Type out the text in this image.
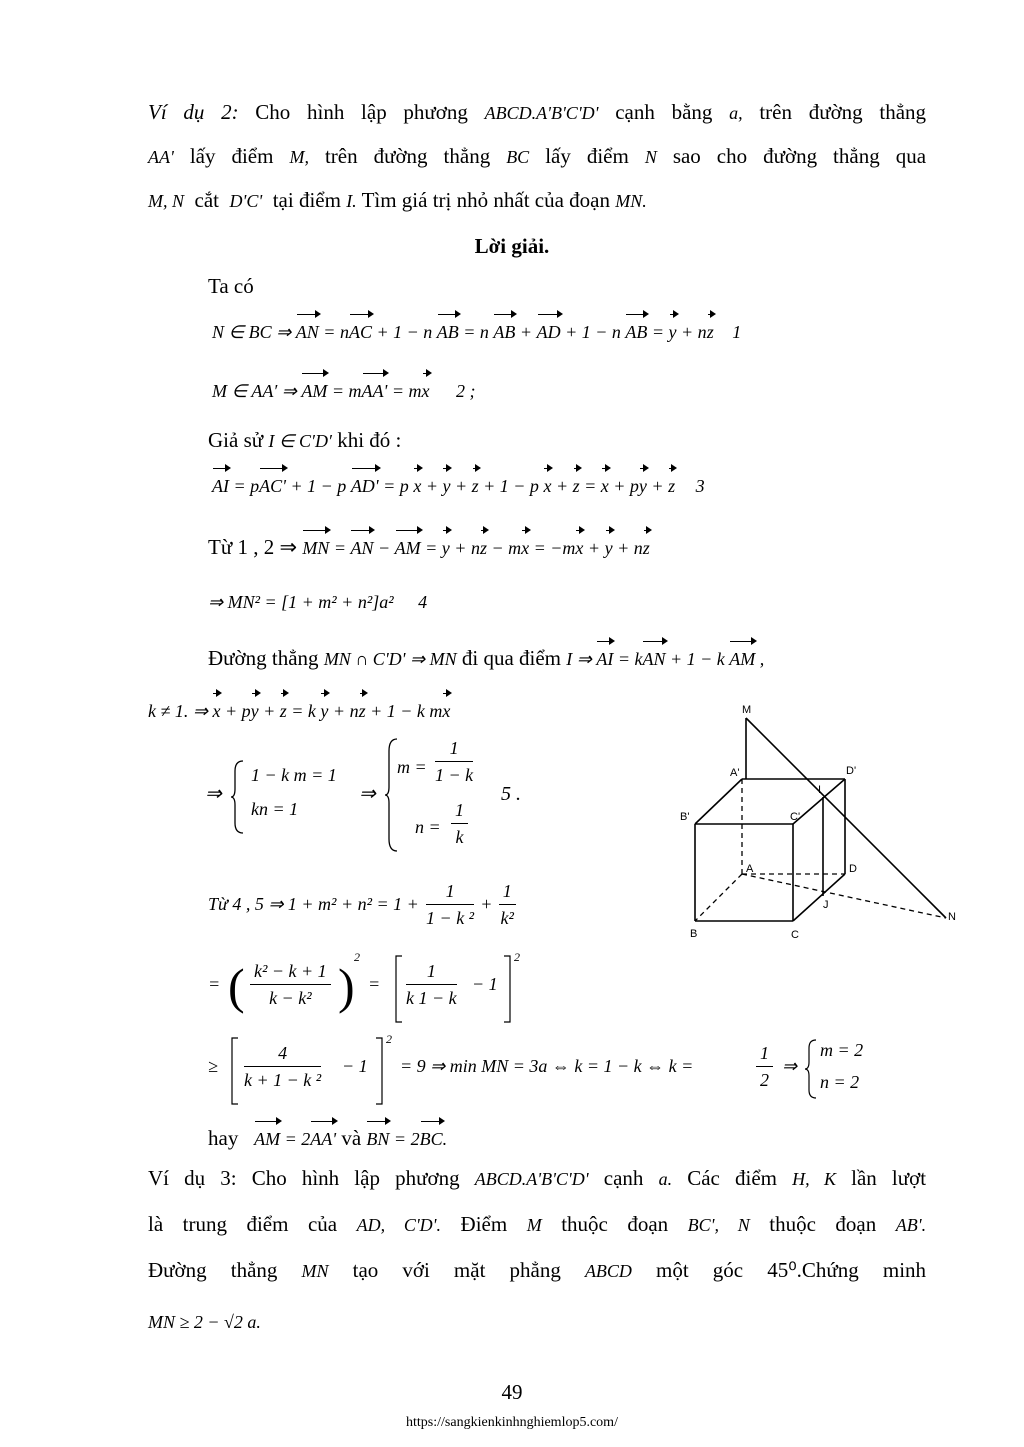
Ví dụ 2: Cho hình lập phương ABCD.A'B'C'D' cạnh bằng a, trên đường thẳng
AA' lấy điểm M, trên đường thẳng BC lấy điểm N sao cho đường thẳng qua
M, N cắt D'C' tại điểm I. Tìm giá trị nhỏ nhất của đoạn MN.
Lời giải.
Ta có
N ∈ BC ⇒ AN = nAC + 1 − n AB = n AB + AD + 1 − n AB = y + nz 1
M ∈ AA′ ⇒ AM = mAA' = mx 2 ;
Giả sử I ∈ C′D′ khi đó :
AI = pAC' + 1 − p AD' = p x + y + z + 1 − p x + z = x + py + z 3
Từ 1 , 2 ⇒ MN = AN − AM = y + nz − mx = −mx + y + nz
⇒ MN² = [1 + m² + n²]a² 4
Đường thẳng MN ∩ C'D' ⇒ MN đi qua điểm I ⇒ AI = kAN + 1 − k AM ,
k ≠ 1. ⇒ x + py + z = k y + nz + 1 − k mx
⇒
1 − k m = 1
kn = 1
⇒
$m = \frac{1}{1 - k}$
$n = \frac{1}{k}$
5 .
Từ 4 , 5 ⇒ $1 + m^2 + n^2 = 1 + \frac{1}{\text{1 − k ²}} + \frac{1}{\text{k²}}$
= ( $\frac{\text{k² − k + 1}}{\text{k − k²}}$ )
2
= $\frac{1}{k 1 - k} - 1$
2
≥ $\frac{4}{\text{k + 1 − k ²}} - 1$
2
= 9 ⇒ min MN = 3a ⇔ k = 1 − k ⇔ k =	$\frac{1}{2}$ ⇒
m = 2
n = 2
hay AM = 2AA' và BN = 2BC.
Ví dụ 3: Cho hình lập phương ABCD.A'B'C'D' cạnh a. Các điểm H, K lần lượt
là trung điểm của AD, C'D'. Điểm M thuộc đoạn BC', N thuộc đoạn AB'.
Đường thẳng MN tạo với mặt phẳng ABCD một góc 45⁰.Chứng minh
MN ≥ 2 − √2 a.
M
A'	D'
I
B'	C'
A	D
J
B	C
N
49
https://sangkienkinhnghiemlop5.com/
